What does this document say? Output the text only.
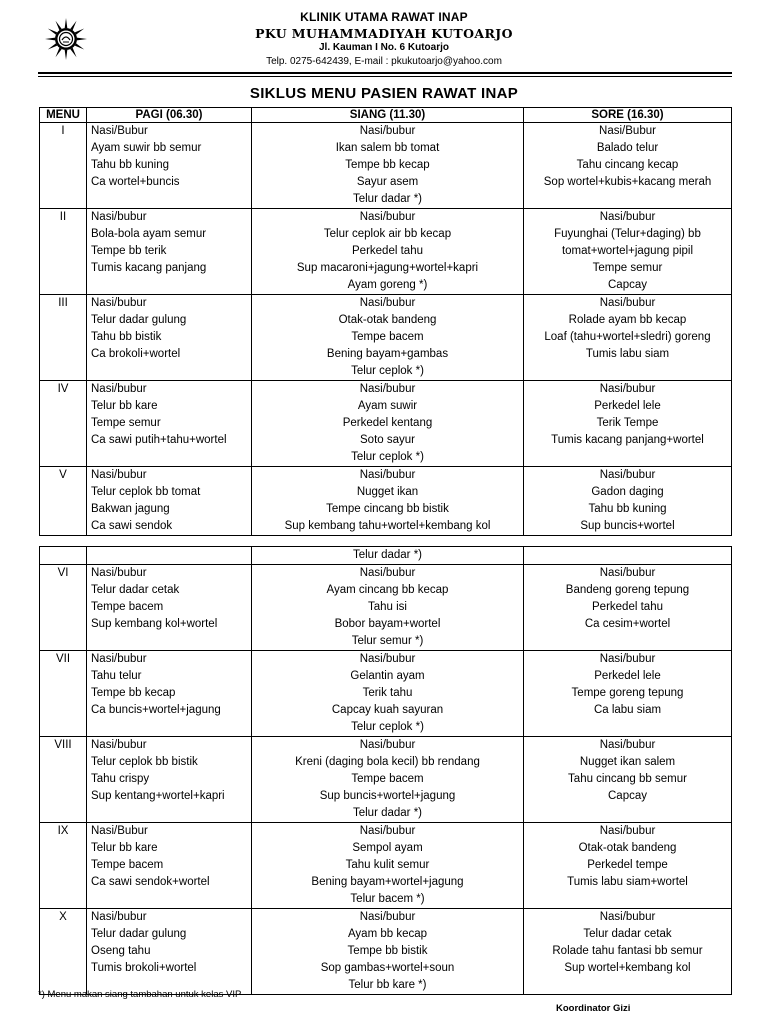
KLINIK UTAMA RAWAT INAP
PKU MUHAMMADIYAH KUTOARJO
Jl. Kauman I No. 6 Kutoarjo
Telp. 0275-642439, E-mail : pkukutoarjo@yahoo.com
SIKLUS MENU PASIEN RAWAT INAP
MENU	PAGI (06.30)	SIANG (11.30)	SORE (16.30)

I	Nasi/Bubur
Ayam suwir bb semur
Tahu bb kuning
Ca wortel+buncis	Nasi/bubur
Ikan salem bb tomat
Tempe bb kecap
Sayur asem
Telur dadar *)	Nasi/Bubur
Balado telur
Tahu cincang kecap
Sop wortel+kubis+kacang merah

II	Nasi/bubur
Bola-bola ayam semur
Tempe bb terik
Tumis kacang panjang	Nasi/bubur
Telur ceplok air bb kecap
Perkedel tahu
Sup macaroni+jagung+wortel+kapri
Ayam goreng *)	Nasi/bubur
Fuyunghai (Telur+daging) bb
tomat+wortel+jagung pipil
Tempe semur
Capcay

III	Nasi/bubur
Telur dadar gulung
Tahu bb bistik
Ca brokoli+wortel	Nasi/bubur
Otak-otak bandeng
Tempe bacem
Bening bayam+gambas
Telur ceplok *)	Nasi/bubur
Rolade ayam bb kecap
Loaf (tahu+wortel+sledri) goreng
Tumis labu siam

IV	Nasi/bubur
Telur bb kare
Tempe semur
Ca sawi putih+tahu+wortel	Nasi/bubur
Ayam suwir
Perkedel kentang
Soto sayur
Telur ceplok *)	Nasi/bubur
Perkedel lele
Terik Tempe
Tumis kacang panjang+wortel

V	Nasi/bubur
Telur ceplok bb tomat
Bakwan jagung
Ca sawi sendok	Nasi/bubur
Nugget ikan
Tempe cincang bb bistik
Sup kembang tahu+wortel+kembang kol	Nasi/bubur
Gadon daging
Tahu bb kuning
Sup buncis+wortel

		Telur dadar *)	

VI	Nasi/bubur
Telur dadar cetak
Tempe bacem
Sup kembang kol+wortel	Nasi/bubur
Ayam cincang bb kecap
Tahu isi
Bobor bayam+wortel
Telur semur *)	Nasi/bubur
Bandeng goreng tepung
Perkedel tahu
Ca cesim+wortel

VII	Nasi/bubur
Tahu telur
Tempe bb kecap
Ca buncis+wortel+jagung	Nasi/bubur
Gelantin ayam
Terik tahu
Capcay kuah sayuran
Telur ceplok *)	Nasi/bubur
Perkedel lele
Tempe goreng tepung
Ca labu siam

VIII	Nasi/bubur
Telur ceplok bb bistik
Tahu crispy
Sup kentang+wortel+kapri	Nasi/bubur
Kreni (daging bola kecil) bb rendang
Tempe bacem
Sup buncis+wortel+jagung
Telur dadar *)	Nasi/bubur
Nugget ikan salem
Tahu cincang bb semur
Capcay

IX	Nasi/Bubur
Telur bb kare
Tempe bacem
Ca sawi sendok+wortel	Nasi/bubur
Sempol ayam
Tahu kulit semur
Bening bayam+wortel+jagung
Telur bacem *)	Nasi/bubur
Otak-otak bandeng
Perkedel tempe
Tumis labu siam+wortel

X	Nasi/bubur
Telur dadar gulung
Oseng tahu
Tumis brokoli+wortel	Nasi/bubur
Ayam bb kecap
Tempe bb bistik
Sop gambas+wortel+soun
Telur bb kare *)	Nasi/bubur
Telur dadar cetak
Rolade tahu fantasi bb semur
Sup wortel+kembang kol
*) Menu makan siang tambahan untuk kelas VIP
Koordinator Gizi
